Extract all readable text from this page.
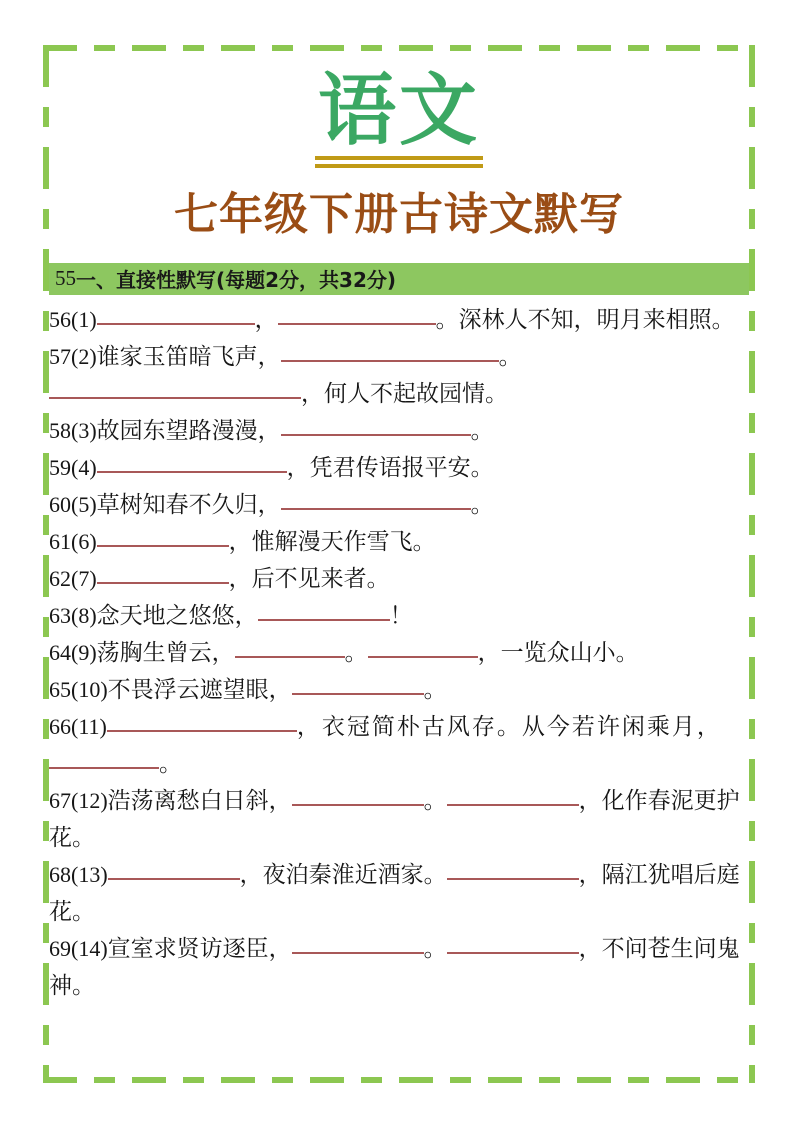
语文
七年级下册古诗文默写
55 一、直接性默写(每题2分，共32分)
56(1)	，	。深林人不知，明月来相照。
57(2)谁家玉笛暗飞声，	。，何人不起故园情。
58(3)故园东望路漫漫，	。
59(4)	，凭君传语报平安。
60(5)草树知春不久归，	。
61(6)	，惟解漫天作雪飞。
62(7)	，后不见来者。
63(8)念天地之悠悠，	！
64(9)荡胸生曾云，	。	，一览众山小。
65(10)不畏浮云遮望眼，	。
66(11)	，衣冠简朴古风存。从今若许闲乘月，。
67(12)浩荡离愁白日斜，	。	，化作春泥更护花。
68(13)	，夜泊秦淮近酒家。	，隔江犹唱后庭花。
69(14)宣室求贤访逐臣，	。	，不问苍生问鬼神。
